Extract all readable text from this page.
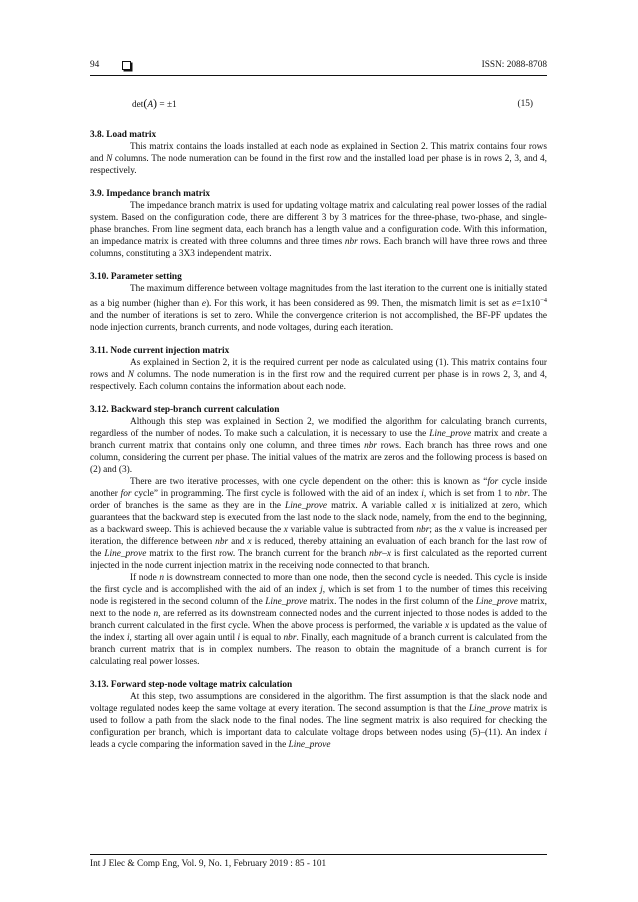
94	ISSN: 2088-8708
det(A) = ±1	(15)
3.8. Load matrix

This matrix contains the loads installed at each node as explained in Section 2. This matrix contains four rows and N columns. The node numeration can be found in the first row and the installed load per phase is in rows 2, 3, and 4, respectively.

3.9. Impedance branch matrix

The impedance branch matrix is used for updating voltage matrix and calculating real power losses of the radial system. Based on the configuration code, there are different 3 by 3 matrices for the three-phase, two-phase, and single-phase branches. From line segment data, each branch has a length value and a configuration code. With this information, an impedance matrix is created with three columns and three times nbr rows. Each branch will have three rows and three columns, constituting a 3X3 independent matrix.

3.10. Parameter setting

The maximum difference between voltage magnitudes from the last iteration to the current one is initially stated as a big number (higher than e). For this work, it has been considered as 99. Then, the mismatch limit is set as $e=1x10^{-4}$ and the number of iterations is set to zero. While the convergence criterion is not accomplished, the BF-PF updates the node injection currents, branch currents, and node voltages, during each iteration.

3.11. Node current injection matrix

As explained in Section 2, it is the required current per node as calculated using (1). This matrix contains four rows and N columns. The node numeration is in the first row and the required current per phase is in rows 2, 3, and 4, respectively. Each column contains the information about each node.

3.12. Backward step-branch current calculation

Although this step was explained in Section 2, we modified the algorithm for calculating branch currents, regardless of the number of nodes. To make such a calculation, it is necessary to use the Line_prove matrix and create a branch current matrix that contains only one column, and three times nbr rows. Each branch has three rows and one column, considering the current per phase. The initial values of the matrix are zeros and the following process is based on (2) and (3).

There are two iterative processes, with one cycle dependent on the other: this is known as “for cycle inside another for cycle” in programming. The first cycle is followed with the aid of an index i, which is set from 1 to nbr. The order of branches is the same as they are in the Line_prove matrix. A variable called x is initialized at zero, which guarantees that the backward step is executed from the last node to the slack node, namely, from the end to the beginning, as a backward sweep. This is achieved because the x variable value is subtracted from nbr; as the x value is increased per iteration, the difference between nbr and x is reduced, thereby attaining an evaluation of each branch for the last row of the Line_prove matrix to the first row. The branch current for the branch nbr–x is first calculated as the reported current injected in the node current injection matrix in the receiving node connected to that branch.

If node n is downstream connected to more than one node, then the second cycle is needed. This cycle is inside the first cycle and is accomplished with the aid of an index j, which is set from 1 to the number of times this receiving node is registered in the second column of the Line_prove matrix. The nodes in the first column of the Line_prove matrix, next to the node n, are referred as its downstream connected nodes and the current injected to those nodes is added to the branch current calculated in the first cycle. When the above process is performed, the variable x is updated as the value of the index i, starting all over again until i is equal to nbr. Finally, each magnitude of a branch current is calculated from the branch current matrix that is in complex numbers. The reason to obtain the magnitude of a branch current is for calculating real power losses.

3.13. Forward step-node voltage matrix calculation

At this step, two assumptions are considered in the algorithm. The first assumption is that the slack node and voltage regulated nodes keep the same voltage at every iteration. The second assumption is that the Line_prove matrix is used to follow a path from the slack node to the final nodes. The line segment matrix is also required for checking the configuration per branch, which is important data to calculate voltage drops between nodes using (5)–(11). An index i leads a cycle comparing the information saved in the Line_prove

Int J Elec & Comp Eng, Vol. 9, No. 1, February 2019 : 85 - 101
